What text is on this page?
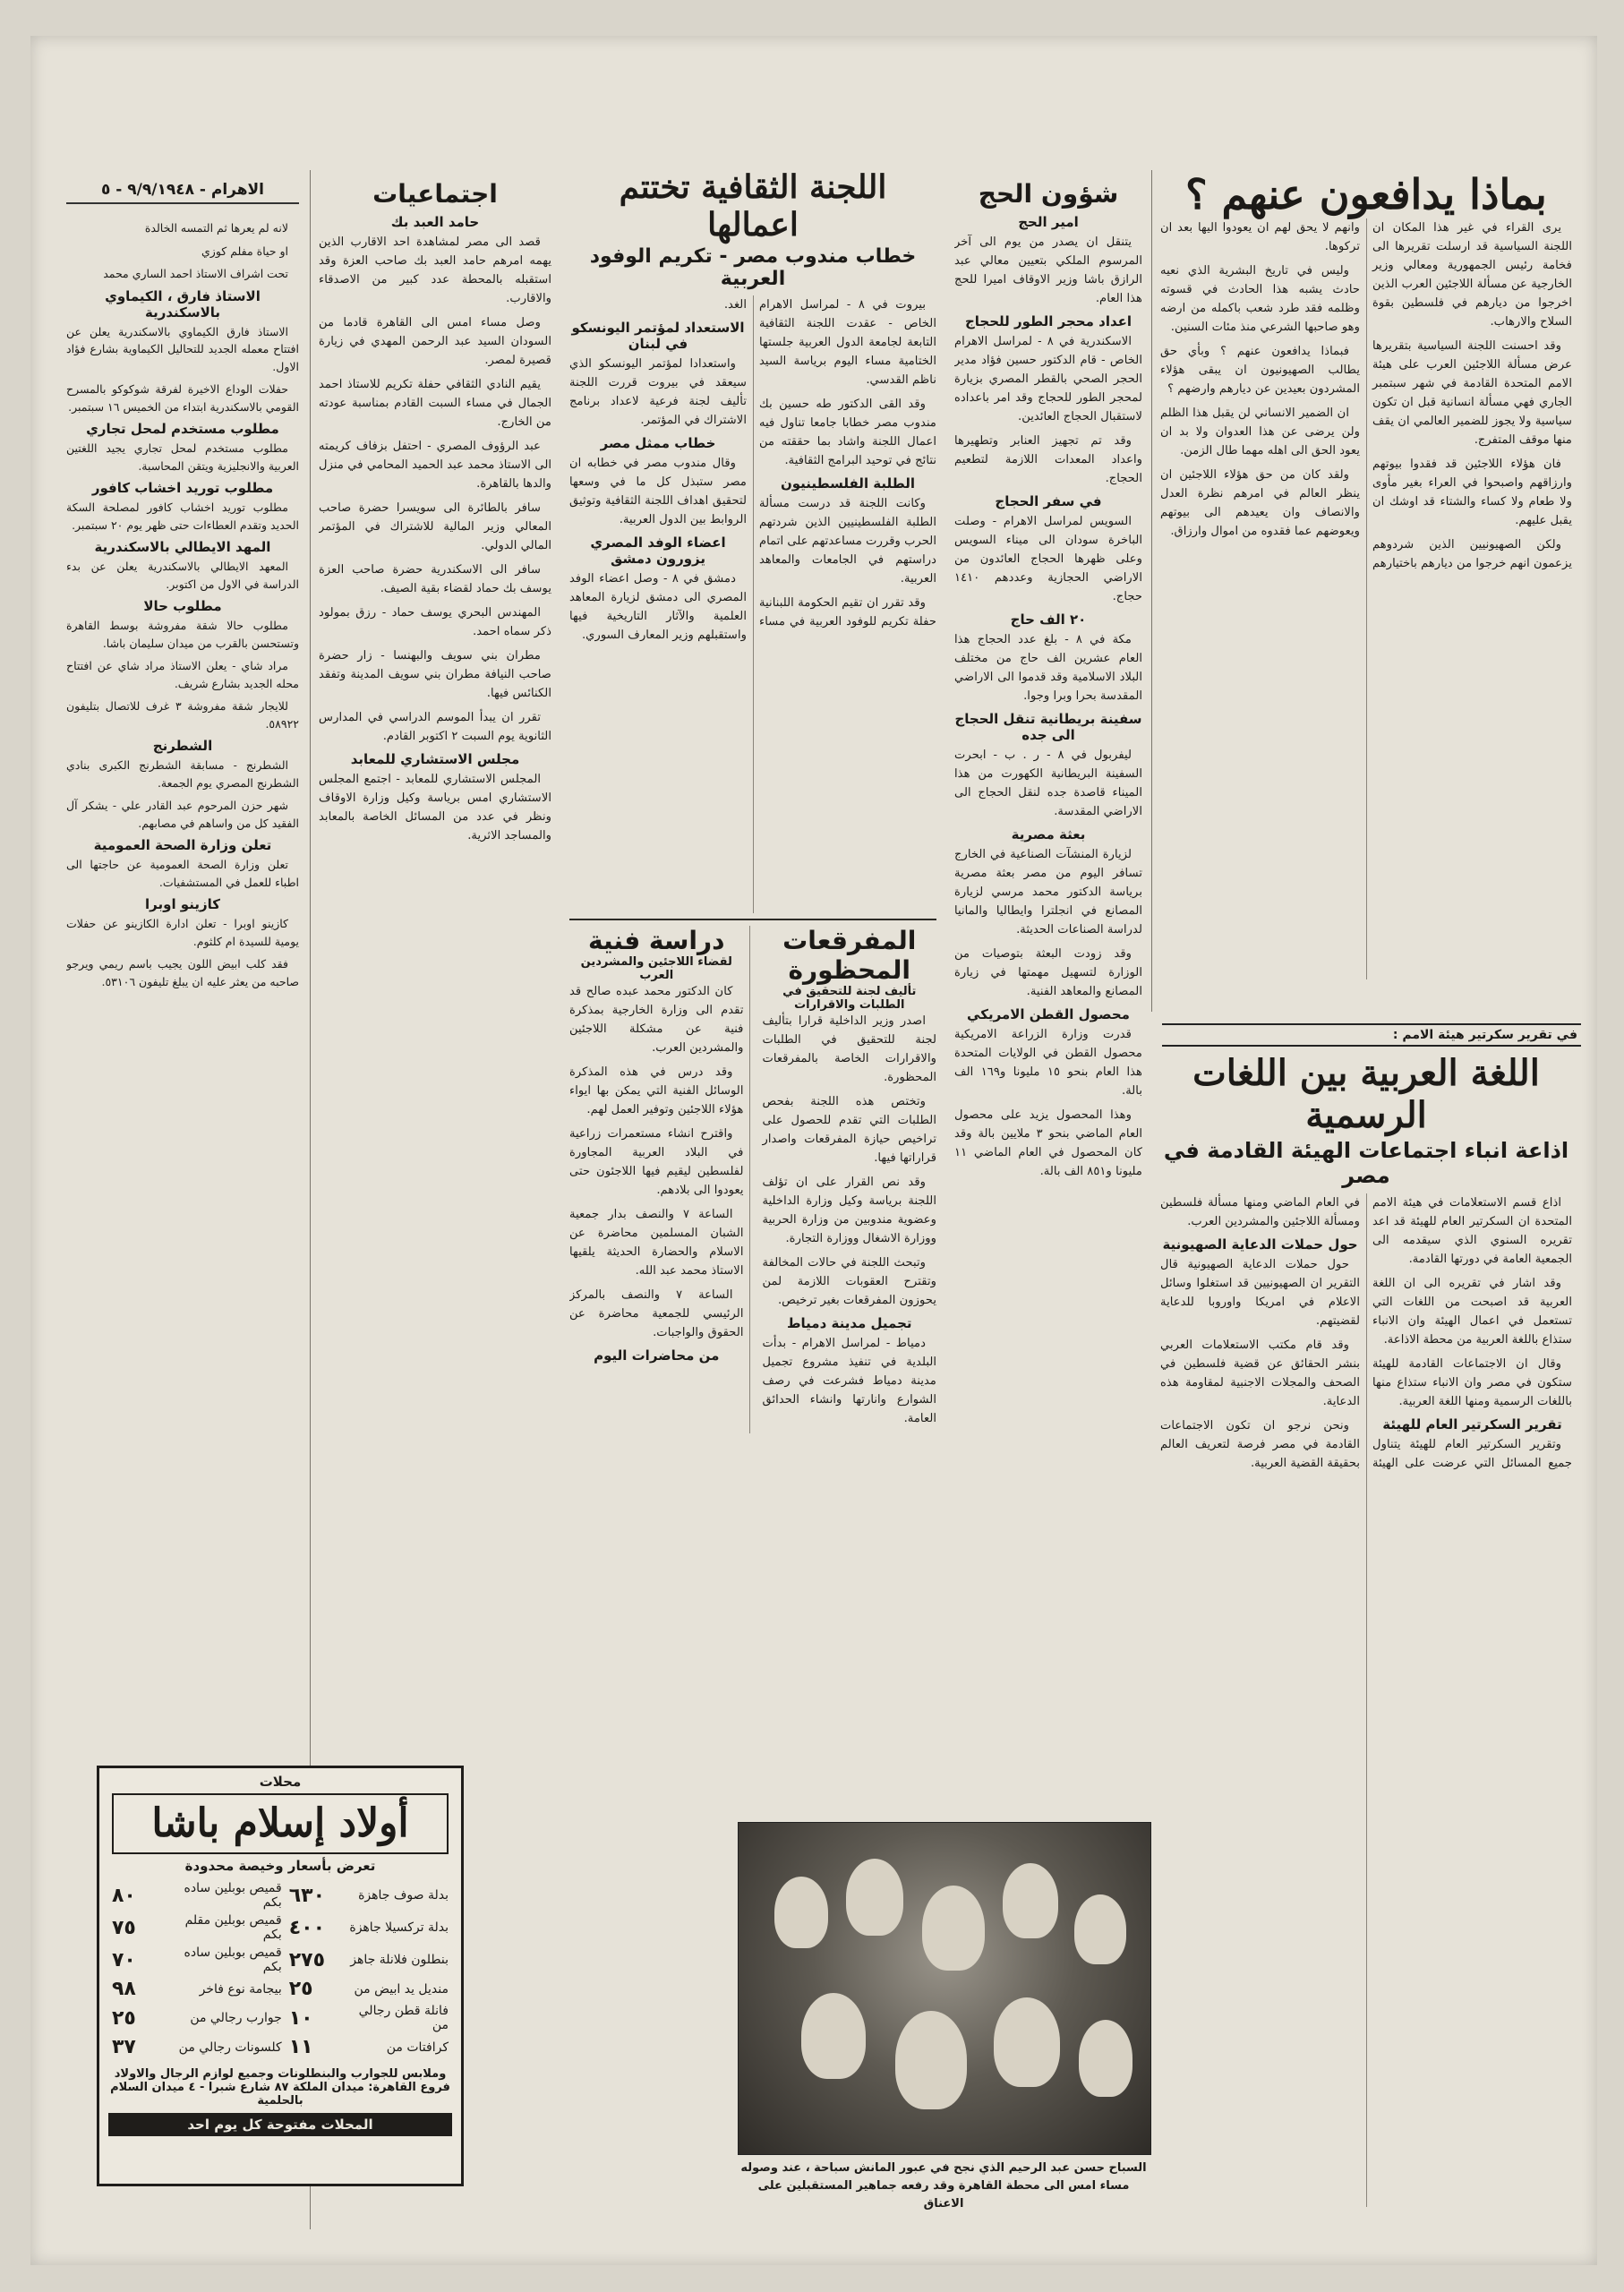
الاهرام - ٩/٩/١٩٤٨ - ٥

لانه لم يعرها ثم التمسه الخالدة

او حياة مفلم كوزي

تحت اشراف الاستاذ احمد الساري محمد

الاستاذ فارق ، الكيماوي بالاسكندرية

الاستاذ فارق الكيماوي بالاسكندرية يعلن عن افتتاح معمله الجديد للتحاليل الكيماوية بشارع فؤاد الاول.

حفلات الوداع الاخيرة لفرقة شوكوكو بالمسرح القومي بالاسكندرية ابتداء من الخميس ١٦ سبتمبر.

مطلوب مستخدم لمحل تجاري

مطلوب مستخدم لمحل تجاري يجيد اللغتين العربية والانجليزية ويتقن المحاسبة.

مطلوب توريد اخشاب كافور

مطلوب توريد اخشاب كافور لمصلحة السكة الحديد وتقدم العطاءات حتى ظهر يوم ٢٠ سبتمبر.

المهد الايطالي بالاسكندرية

المعهد الايطالي بالاسكندرية يعلن عن بدء الدراسة في الاول من اكتوبر.

مطلوب حالا

مطلوب حالا شقة مفروشة بوسط القاهرة وتستحسن بالقرب من ميدان سليمان باشا.

مراد شاي - يعلن الاستاذ مراد شاي عن افتتاح محله الجديد بشارع شريف.

للايجار شقة مفروشة ٣ غرف للاتصال بتليفون ٥٨٩٢٢.

الشطرنج

الشطرنج - مسابقة الشطرنج الكبرى بنادي الشطرنج المصري يوم الجمعة.

شهر حزن المرحوم عبد القادر علي - يشكر آل الفقيد كل من واساهم في مصابهم.

تعلن وزارة الصحة العمومية

تعلن وزارة الصحة العمومية عن حاجتها الى اطباء للعمل في المستشفيات.

كازينو اوبرا

كازينو اوبرا - تعلن ادارة الكازينو عن حفلات يومية للسيدة ام كلثوم.

فقد كلب ابيض اللون يجيب باسم ريمي ويرجو صاحبه من يعثر عليه ان يبلغ تليفون ٥٣١٠٦.

اجتماعيات
حامد العبد بك

قصد الى مصر لمشاهدة احد الاقارب الذين يهمه امرهم حامد العبد بك صاحب العزة وقد استقبله بالمحطة عدد كبير من الاصدقاء والاقارب.

وصل مساء امس الى القاهرة قادما من السودان السيد عبد الرحمن المهدي في زيارة قصيرة لمصر.

يقيم النادي الثقافي حفلة تكريم للاستاذ احمد الجمال في مساء السبت القادم بمناسبة عودته من الخارج.

عبد الرؤوف المصري - احتفل بزفاف كريمته الى الاستاذ محمد عبد الحميد المحامي في منزل والدها بالقاهرة.

سافر بالطائرة الى سويسرا حضرة صاحب المعالي وزير المالية للاشتراك في المؤتمر المالي الدولي.

سافر الى الاسكندرية حضرة صاحب العزة يوسف بك حماد لقضاء بقية الصيف.

المهندس البحري يوسف حماد - رزق بمولود ذكر سماه احمد.

مطران بني سويف والبهنسا - زار حضرة صاحب النيافة مطران بني سويف المدينة وتفقد الكنائس فيها.

تقرر ان يبدأ الموسم الدراسي في المدارس الثانوية يوم السبت ٢ اكتوبر القادم.

مجلس الاستشاري للمعابد

المجلس الاستشاري للمعابد - اجتمع المجلس الاستشاري امس برياسة وكيل وزارة الاوقاف ونظر في عدد من المسائل الخاصة بالمعابد والمساجد الاثرية.

اللجنة الثقافية تختتم اعمالها
خطاب مندوب مصر - تكريم الوفود العربية

بيروت في ٨ - لمراسل الاهرام الخاص - عقدت اللجنة الثقافية التابعة لجامعة الدول العربية جلستها الختامية مساء اليوم برياسة السيد ناظم القدسي.

وقد القى الدكتور طه حسين بك مندوب مصر خطابا جامعا تناول فيه اعمال اللجنة واشاد بما حققته من نتائج في توحيد البرامج الثقافية.

الطلبة الفلسطينيون

وكانت اللجنة قد درست مسألة الطلبة الفلسطينيين الذين شردتهم الحرب وقررت مساعدتهم على اتمام دراستهم في الجامعات والمعاهد العربية.

وقد تقرر ان تقيم الحكومة اللبنانية حفلة تكريم للوفود العربية في مساء الغد.

الاستعداد لمؤتمر اليونسكو في لبنان

واستعدادا لمؤتمر اليونسكو الذي سيعقد في بيروت قررت اللجنة تأليف لجنة فرعية لاعداد برنامج الاشتراك في المؤتمر.

خطاب ممثل مصر

وقال مندوب مصر في خطابه ان مصر ستبذل كل ما في وسعها لتحقيق اهداف اللجنة الثقافية وتوثيق الروابط بين الدول العربية.

اعضاء الوفد المصري يزورون دمشق

دمشق في ٨ - وصل اعضاء الوفد المصري الى دمشق لزيارة المعاهد العلمية والآثار التاريخية فيها واستقبلهم وزير المعارف السوري.

المفرقعات المحظورة
تأليف لجنة للتحقيق في الطلبات والاقرارات

اصدر وزير الداخلية قرارا بتأليف لجنة للتحقيق في الطلبات والاقرارات الخاصة بالمفرقعات المحظورة.

وتختص هذه اللجنة بفحص الطلبات التي تقدم للحصول على تراخيص حيازة المفرقعات واصدار قراراتها فيها.

وقد نص القرار على ان تؤلف اللجنة برياسة وكيل وزارة الداخلية وعضوية مندوبين من وزارة الحربية ووزارة الاشغال ووزارة التجارة.

وتبحث اللجنة في حالات المخالفة وتقترح العقوبات اللازمة لمن يحوزون المفرقعات بغير ترخيص.

تجميل مدينة دمياط

دمياط - لمراسل الاهرام - بدأت البلدية في تنفيذ مشروع تجميل مدينة دمياط فشرعت في رصف الشوارع وانارتها وانشاء الحدائق العامة.

دراسة فنية
لقضاء اللاجئين والمشردين العرب

كان الدكتور محمد عبده صالح قد تقدم الى وزارة الخارجية بمذكرة فنية عن مشكلة اللاجئين والمشردين العرب.

وقد درس في هذه المذكرة الوسائل الفنية التي يمكن بها ايواء هؤلاء اللاجئين وتوفير العمل لهم.

واقترح انشاء مستعمرات زراعية في البلاد العربية المجاورة لفلسطين ليقيم فيها اللاجئون حتى يعودوا الى بلادهم.

الساعة ٧ والنصف بدار جمعية الشبان المسلمين محاضرة عن الاسلام والحضارة الحديثة يلقيها الاستاذ محمد عبد الله.

الساعة ٧ والنصف بالمركز الرئيسي للجمعية محاضرة عن الحقوق والواجبات.

من محاضرات اليوم
شؤون الحج
امير الحج

يتنقل ان يصدر من يوم الى آخر المرسوم الملكي بتعيين معالي عبد الرازق باشا وزير الاوقاف اميرا للحج هذا العام.

اعداد محجر الطور للحجاج

الاسكندرية في ٨ - لمراسل الاهرام الخاص - قام الدكتور حسين فؤاد مدير الحجر الصحي بالقطر المصري بزيارة لمحجر الطور للحجاج وقد امر باعداده لاستقبال الحجاج العائدين.

وقد تم تجهيز العنابر وتطهيرها واعداد المعدات اللازمة لتطعيم الحجاج.

في سفر الحجاج

السويس لمراسل الاهرام - وصلت الباخرة سودان الى ميناء السويس وعلى ظهرها الحجاج العائدون من الاراضي الحجازية وعددهم ١٤١٠ حجاج.

٢٠ الف حاج

مكة في ٨ - بلغ عدد الحجاج هذا العام عشرين الف حاج من مختلف البلاد الاسلامية وقد قدموا الى الاراضي المقدسة بحرا وبرا وجوا.

سفينة بريطانية تنقل الحجاج الى جده

ليفربول في ٨ - ر . ب - ابحرت السفينة البريطانية الكهورت من هذا الميناء قاصدة جده لنقل الحجاج الى الاراضي المقدسة.

بعثة مصرية

لزيارة المنشآت الصناعية في الخارج تسافر اليوم من مصر بعثة مصرية برياسة الدكتور محمد مرسي لزيارة المصانع في انجلترا وايطاليا والمانيا لدراسة الصناعات الحديثة.

وقد زودت البعثة بتوصيات من الوزارة لتسهيل مهمتها في زيارة المصانع والمعاهد الفنية.

محصول القطن الامريكي

قدرت وزارة الزراعة الامريكية محصول القطن في الولايات المتحدة هذا العام بنحو ١٥ مليونا و١٦٩ الف بالة.

وهذا المحصول يزيد على محصول العام الماضي بنحو ٣ ملايين بالة وقد كان المحصول في العام الماضي ١١ مليونا و٨٥١ الف بالة.

بماذا يدافعون عنهم ؟

يرى القراء في غير هذا المكان ان اللجنة السياسية قد ارسلت تقريرها الى فخامة رئيس الجمهورية ومعالي وزير الخارجية عن مسألة اللاجئين العرب الذين اخرجوا من ديارهم في فلسطين بقوة السلاح والارهاب.

وقد احسنت اللجنة السياسية بتقريرها عرض مسألة اللاجئين العرب على هيئة الامم المتحدة القادمة في شهر سبتمبر الجاري فهي مسألة انسانية قبل ان تكون سياسية ولا يجوز للضمير العالمي ان يقف منها موقف المتفرج.

فان هؤلاء اللاجئين قد فقدوا بيوتهم وارزاقهم واصبحوا في العراء بغير مأوى ولا طعام ولا كساء والشتاء قد اوشك ان يقبل عليهم.

ولكن الصهيونيين الذين شردوهم يزعمون انهم خرجوا من ديارهم باختيارهم وانهم لا يحق لهم ان يعودوا اليها بعد ان تركوها.

وليس في تاريخ البشرية الذي نعيه حادث يشبه هذا الحادث في قسوته وظلمه فقد طرد شعب باكمله من ارضه وهو صاحبها الشرعي منذ مئات السنين.

فبماذا يدافعون عنهم ؟ وبأي حق يطالب الصهيونيون ان يبقى هؤلاء المشردون بعيدين عن ديارهم وارضهم ؟

ان الضمير الانساني لن يقبل هذا الظلم ولن يرضى عن هذا العدوان ولا بد ان يعود الحق الى اهله مهما طال الزمن.

ولقد كان من حق هؤلاء اللاجئين ان ينظر العالم في امرهم نظرة العدل والانصاف وان يعيدهم الى بيوتهم ويعوضهم عما فقدوه من اموال وارزاق.

في تقرير سكرتير هيئة الامم :
اللغة العربية بين اللغات الرسمية
اذاعة انباء اجتماعات الهيئة القادمة في مصر

اذاع قسم الاستعلامات في هيئة الامم المتحدة ان السكرتير العام للهيئة قد اعد تقريره السنوي الذي سيقدمه الى الجمعية العامة في دورتها القادمة.

وقد اشار في تقريره الى ان اللغة العربية قد اصبحت من اللغات التي تستعمل في اعمال الهيئة وان الانباء ستذاع باللغة العربية من محطة الاذاعة.

وقال ان الاجتماعات القادمة للهيئة ستكون في مصر وان الانباء ستذاع منها باللغات الرسمية ومنها اللغة العربية.

تقرير السكرتير العام للهيئة

وتقرير السكرتير العام للهيئة يتناول جميع المسائل التي عرضت على الهيئة في العام الماضي ومنها مسألة فلسطين ومسألة اللاجئين والمشردين العرب.

حول حملات الدعاية الصهيونية

حول حملات الدعاية الصهيونية قال التقرير ان الصهيونيين قد استغلوا وسائل الاعلام في امريكا واوروبا للدعاية لقضيتهم.

وقد قام مكتب الاستعلامات العربي بنشر الحقائق عن قضية فلسطين في الصحف والمجلات الاجنبية لمقاومة هذه الدعاية.

ونحن نرجو ان تكون الاجتماعات القادمة في مصر فرصة لتعريف العالم بحقيقة القضية العربية.

السباح حسن عبد الرحيم الذي نجح في عبور المانش سباحة ، عند وصوله مساء امس الى محطة القاهرة وقد رفعه جماهير المستقبلين على الاعناق
محلات
أولاد إسلام باشا
تعرض بأسعار وخيصة محدودة
بدلة صوف جاهزة	٦٣٠	قميص بوبلين ساده بكم	٨٠
بدلة تركسيلا جاهزة	٤٠٠	قميص بوبلين مقلم بكم	٧٥
بنطلون فلانلة جاهز	٢٧٥	قميص بوبلين ساده بكم	٧٠
منديل يد ابيض من	٢٥	بيجامة نوع فاخر	٩٨
فانلة قطن رجالي من	١٠	جوارب رجالي من	٢٥
كرافتات من	١١	كلسونات رجالي من	٣٧
وملابس للجوارب والبنطلونات وجميع لوازم الرجال والاولاد
فروع القاهرة: ميدان الملكة ٨٧ شارع شبرا - ٤ ميدان السلام بالحلمية
المحلات مفتوحة كل يوم احد
